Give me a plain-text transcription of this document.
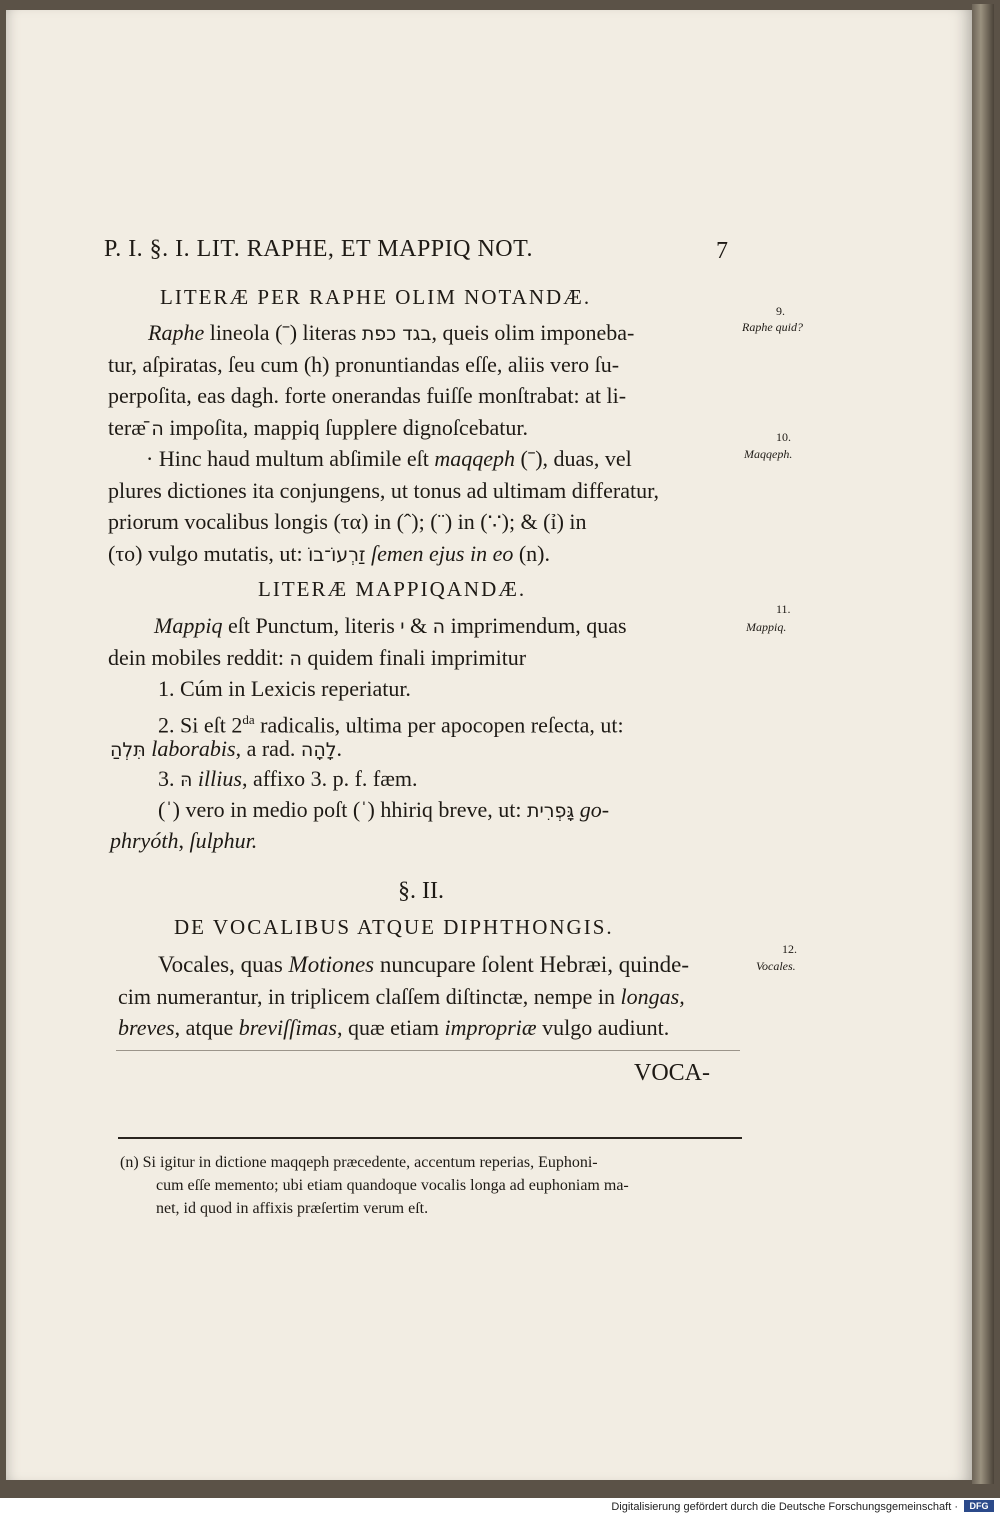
P. I. §. I. LIT. RAPHE, ET MAPPIQ NOT.	7
LITERÆ PER RAPHE OLIM NOTANDÆ.
Raphe lineola (ˉ) literas בגד כפת, queis olim imponeba-
tur, aſpiratas, ſeu cum (h) pronuntiandas eſſe, aliis vero ſu-
perpoſita, eas dagh. forte onerandas fuiſſe monſtrabat: at li-
teræ ה̄ impoſita, mappiq ſupplere dignoſcebatur.
· Hinc haud multum abſimile eſt maqqeph (ˉ), duas, vel
plures dictiones ita conjungens, ut tonus ad ultimam differatur,
priorum vocalibus longis (τα) in (ˆ); (¨) in (∵); & (ỉ) in
(το) vulgo mutatis, ut: זַרְעוֹ־בוֹ ſemen ejus in eo (n).
LITERÆ MAPPIQANDÆ.
Mappiq eſt Punctum, literis ה & י imprimendum, quas
dein mobiles reddit: ה quidem finali imprimitur
1. Cúm in Lexicis reperiatur.
2. Si eſt $2^{da}$ radicalis, ultima per apocopen reſecta, ut:
תִּלְהַ laborabis, a rad. לָהָה.
3. הּ illius, affixo 3. p. f. fæm.
(ˈ) vero in medio poſt (ˈ) hhiriq breve, ut: גָּפְרִית go-
phryóth, ſulphur.
§. II.
DE VOCALIBUS ATQUE DIPHTHONGIS.
Vocales, quas Motiones nuncupare ſolent Hebræi, quinde-
cim numerantur, in triplicem claſſem diſtinctæ, nempe in longas,
breves, atque breviſſimas, quæ etiam impropriæ vulgo audiunt.
VOCA-
9.
Raphe quid?
10.
Maqqeph.
11.
Mappiq.
12.
Vocales.
(n) Si igitur in dictione maqqeph præcedente, accentum reperias, Euphoni-
cum eſſe memento; ubi etiam quandoque vocalis longa ad euphoniam ma-
net, id quod in affixis præſertim verum eſt.
Digitalisierung gefördert durch die Deutsche Forschungsgemeinschaft ·	DFG
